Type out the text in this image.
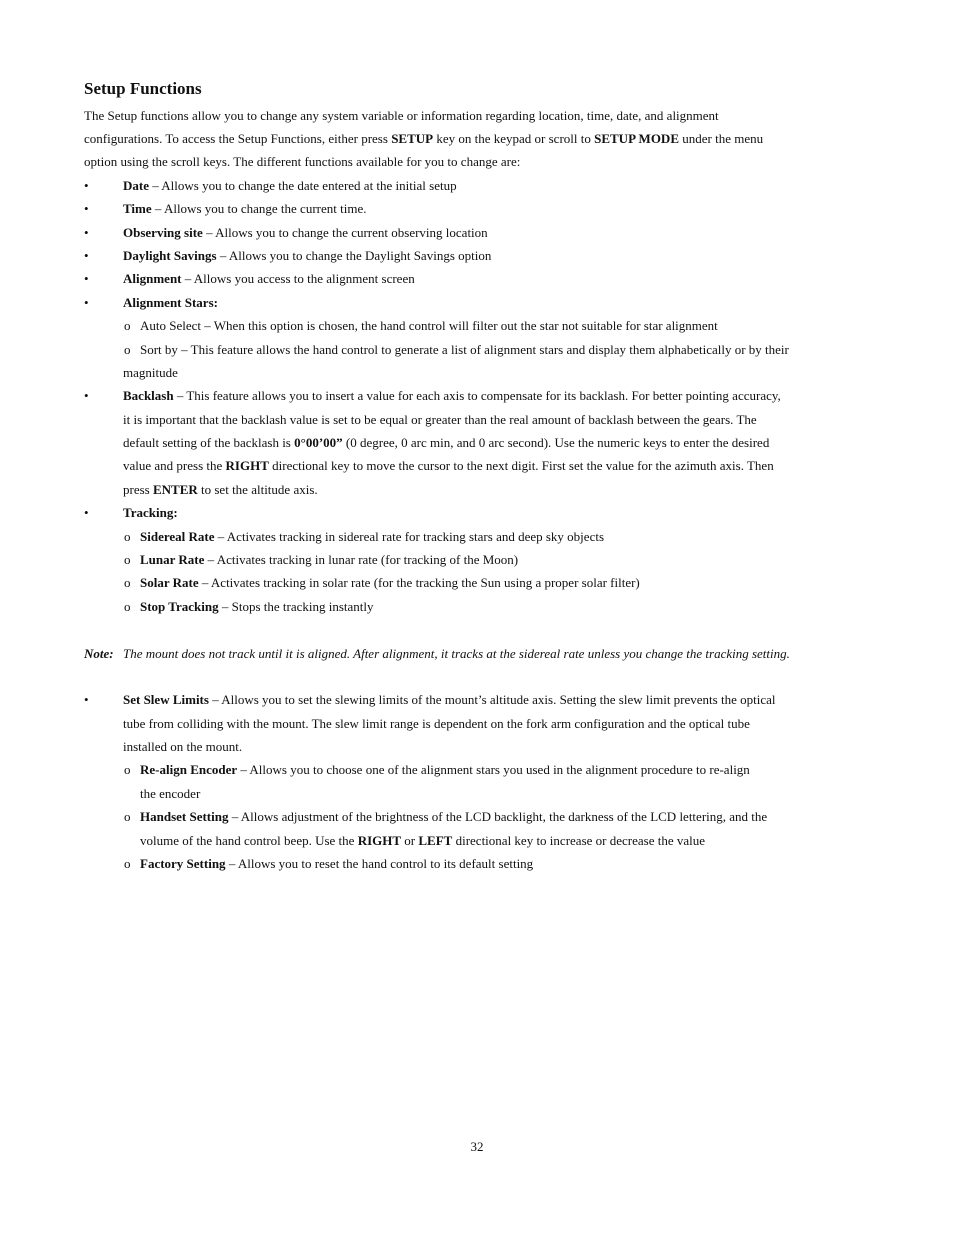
Setup Functions
The Setup functions allow you to change any system variable or information regarding location, time, date, and alignment
configurations. To access the Setup Functions, either press SETUP key on the keypad or scroll to SETUP MODE under the menu
option using the scroll keys. The different functions available for you to change are:
•	Date – Allows you to change the date entered at the initial setup
•	Time – Allows you to change the current time.
•	Observing site – Allows you to change the current observing location
•	Daylight Savings – Allows you to change the Daylight Savings option
•	Alignment – Allows you access to the alignment screen
•	Alignment Stars:
o Auto Select – When this option is chosen, the hand control will filter out the star not suitable for star alignment
o Sort by – This feature allows the hand control to generate a list of alignment stars and display them alphabetically or by their
magnitude
•	Backlash – This feature allows you to insert a value for each axis to compensate for its backlash. For better pointing accuracy,
it is important that the backlash value is set to be equal or greater than the real amount of backlash between the gears. The
default setting of the backlash is 0°00’00” (0 degree, 0 arc min, and 0 arc second). Use the numeric keys to enter the desired
value and press the RIGHT directional key to move the cursor to the next digit. First set the value for the azimuth axis. Then
press ENTER to set the altitude axis.
•	Tracking:
o Sidereal Rate – Activates tracking in sidereal rate for tracking stars and deep sky objects
o Lunar Rate – Activates tracking in lunar rate (for tracking of the Moon)
o Solar Rate – Activates tracking in solar rate (for the tracking the Sun using a proper solar filter)
o Stop Tracking – Stops the tracking instantly
Note: The mount does not track until it is aligned. After alignment, it tracks at the sidereal rate unless you change the tracking setting.
•	Set Slew Limits – Allows you to set the slewing limits of the mount’s altitude axis. Setting the slew limit prevents the optical
tube from colliding with the mount. The slew limit range is dependent on the fork arm configuration and the optical tube
installed on the mount.
o Re-align Encoder – Allows you to choose one of the alignment stars you used in the alignment procedure to re-align
the encoder
o Handset Setting – Allows adjustment of the brightness of the LCD backlight, the darkness of the LCD lettering, and the
volume of the hand control beep. Use the RIGHT or LEFT directional key to increase or decrease the value
o Factory Setting – Allows you to reset the hand control to its default setting
32
